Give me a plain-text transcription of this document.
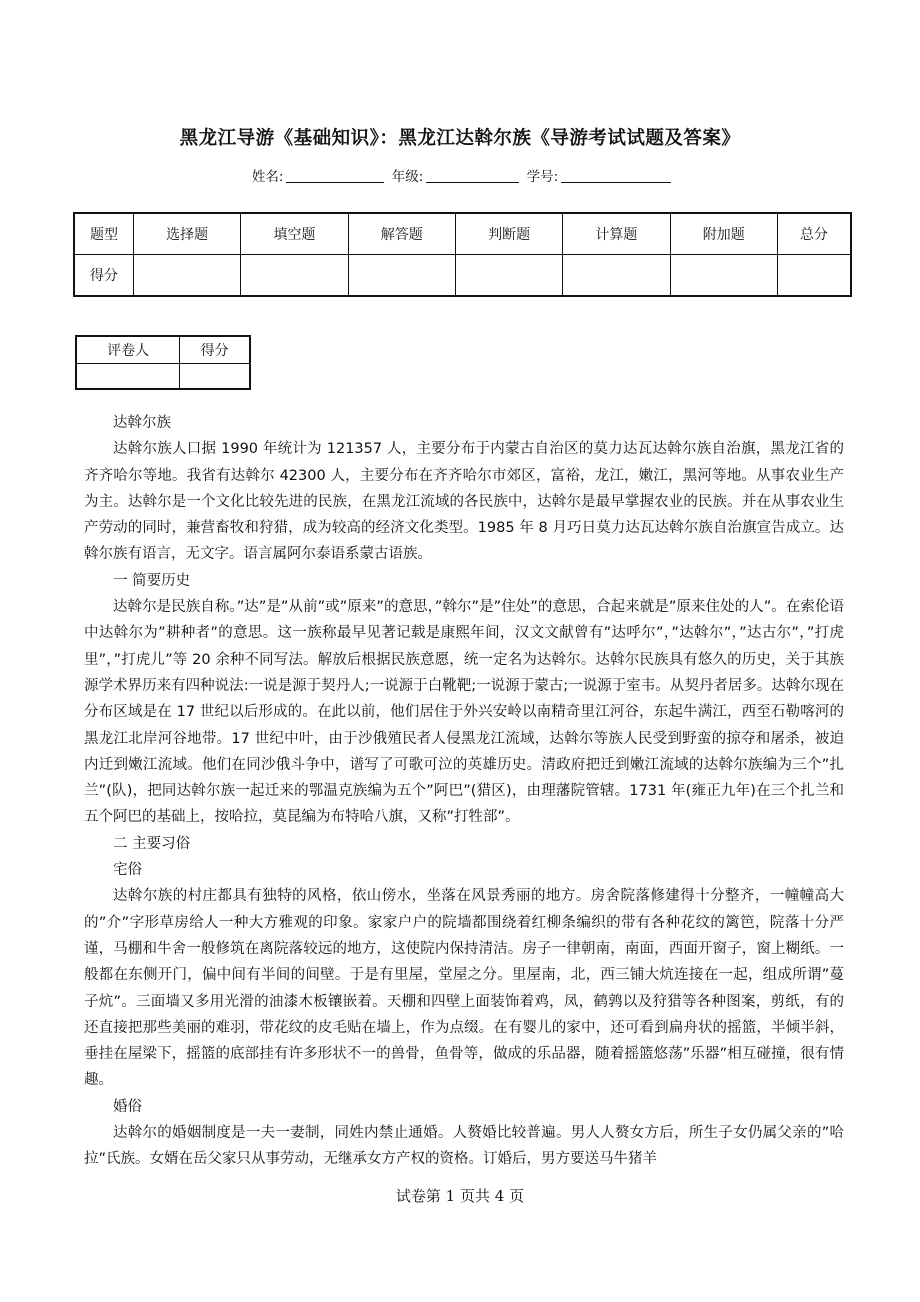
黑龙江导游《基础知识》：黑龙江达斡尔族《导游考试试题及答案》
姓名:	年级:	学号:
题型	选择题	填空题	解答题	判断题	计算题	附加题	总分
得分							
评卷人	得分

达斡尔族

达斡尔族人口据 1990 年统计为 121357 人，主要分布于内蒙古自治区的莫力达瓦达斡尔族自治旗，黑龙江省的齐齐哈尔等地。我省有达斡尔 42300 人，主要分布在齐齐哈尔市郊区，富裕，龙江，嫩江，黑河等地。从事农业生产为主。达斡尔是一个文化比较先进的民族，在黑龙江流域的各民族中，达斡尔是最早掌握农业的民族。并在从事农业生产劳动的同时，兼营畜牧和狩猎，成为较高的经济文化类型。1985 年 8 月巧日莫力达瓦达斡尔族自治旗宣告成立。达斡尔族有语言，无文字。语言属阿尔泰语系蒙古语族。

一 简要历史

达斡尔是民族自称。”达”是”从前”或”原来”的意思，”斡尔”是”住处”的意思，合起来就是”原来住处的人”。在索伦语中达斡尔为”耕种者”的意思。这一族称最早见著记载是康熙年间，汉文文献曾有”达呼尔”，”达斡尔”，”达古尔”，”打虎里”，”打虎儿”等 20 余种不同写法。解放后根据民族意愿，统一定名为达斡尔。达斡尔民族具有悠久的历史，关于其族源学术界历来有四种说法:一说是源于契丹人;一说源于白靴靶;一说源于蒙古;一说源于室韦。从契丹者居多。达斡尔现在分布区域是在 17 世纪以后形成的。在此以前，他们居住于外兴安岭以南精奇里江河谷，东起牛满江，西至石勒喀河的黑龙江北岸河谷地带。17 世纪中叶，由于沙俄殖民者人侵黑龙江流域，达斡尔等族人民受到野蛮的掠夺和屠杀，被迫内迁到嫩江流域。他们在同沙俄斗争中，谱写了可歌可泣的英雄历史。清政府把迁到嫩江流域的达斡尔族编为三个”扎兰”(队)，把同达斡尔族一起迁来的鄂温克族编为五个”阿巴”(猎区)，由理藩院管辖。1731 年(雍正九年)在三个扎兰和五个阿巴的基础上，按哈拉，莫昆编为布特哈八旗，又称”打牲部”。

二 主要习俗

宅俗

达斡尔族的村庄都具有独特的风格，依山傍水，坐落在风景秀丽的地方。房舍院落修建得十分整齐，一幢幢高大的”介”字形草房给人一种大方雅观的印象。家家户户的院墙都围绕着红柳条编织的带有各种花纹的篱笆，院落十分严谨，马棚和牛舍一般修筑在离院落较远的地方，这使院内保持清洁。房子一律朝南，南面，西面开窗子，窗上糊纸。一般都在东侧开门，偏中间有半间的间壁。于是有里屋，堂屋之分。里屋南，北，西三铺大炕连接在一起，组成所谓”蔓子炕”。三面墙又多用光滑的油漆木板镶嵌着。天棚和四壁上面装饰着鸡，凤，鹤鹑以及狩猎等各种图案，剪纸，有的还直接把那些美丽的难羽，带花纹的皮毛贴在墙上，作为点缀。在有婴儿的家中，还可看到扁舟状的摇篮，半倾半斜，垂挂在屋梁下，摇篮的底部挂有许多形状不一的兽骨，鱼骨等，做成的乐品器，随着摇篮悠荡”乐器”相互碰撞，很有情趣。

婚俗

达斡尔的婚姻制度是一夫一妻制，同姓内禁止通婚。人赘婚比较普遍。男人人赘女方后，所生子女仍属父亲的”哈拉”氏族。女婿在岳父家只从事劳动，无继承女方产权的资格。订婚后，男方要送马牛猪羊

试卷第 1 页共 4 页
